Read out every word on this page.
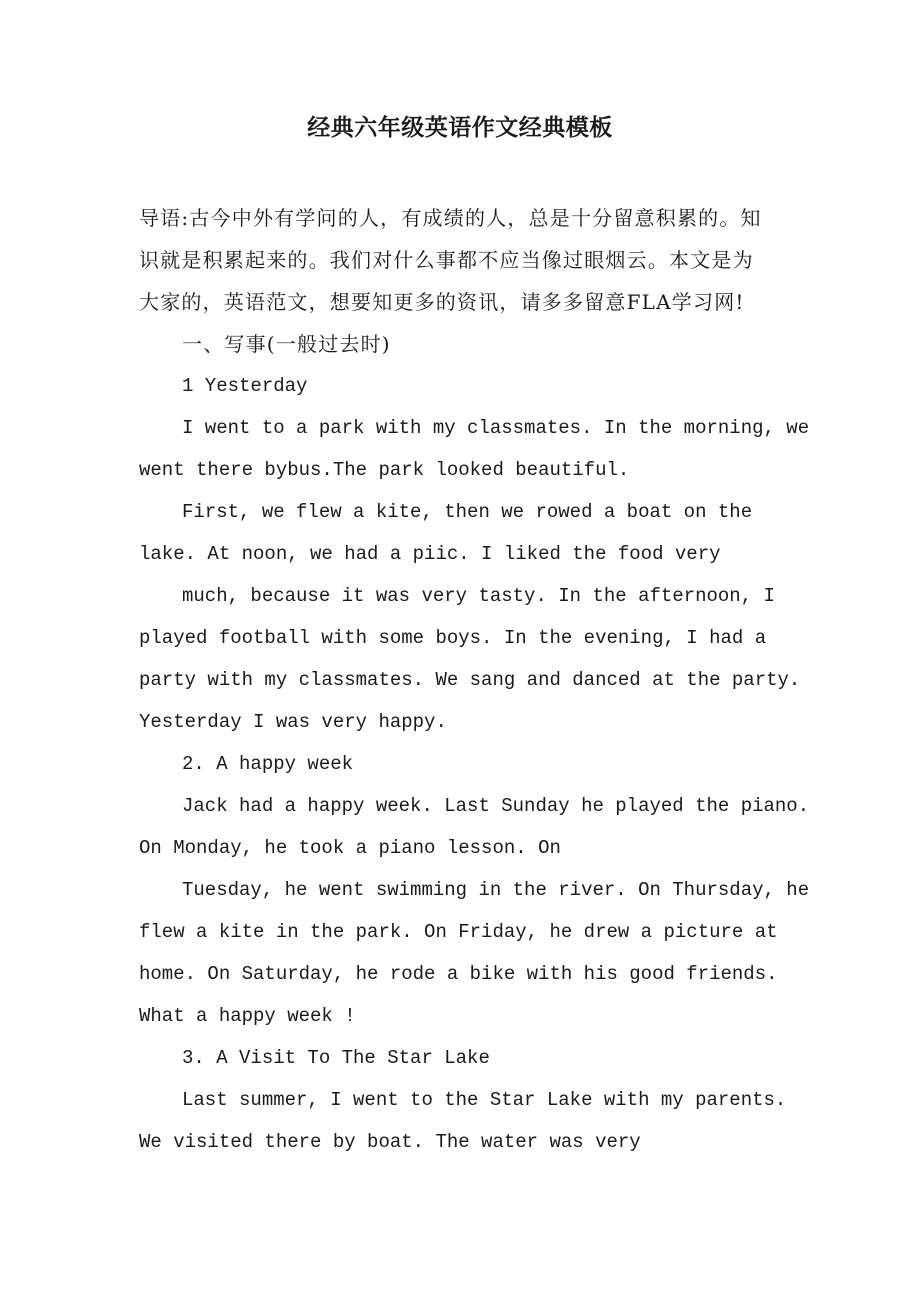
经典六年级英语作文经典模板
导语:古今中外有学问的人，有成绩的人，总是十分留意积累的。知
识就是积累起来的。我们对什么事都不应当像过眼烟云。本文是为
大家的，英语范文，想要知更多的资讯，请多多留意FLA学习网!
一、写事(一般过去时)
1 Yesterday
I went to a park with my classmates. In the morning, we
went there bybus.The park looked beautiful.
First, we flew a kite, then we rowed a boat on the
lake. At noon, we had a piic. I liked the food very
much, because it was very tasty. In the afternoon, I
played football with some boys. In the evening, I had a
party with my classmates. We sang and danced at the party.
Yesterday I was very happy.
2. A happy week
Jack had a happy week. Last Sunday he played the piano.
On Monday, he took a piano lesson. On
Tuesday, he went swimming in the river. On Thursday, he
flew a kite in the park. On Friday, he drew a picture at
home. On Saturday, he rode a bike with his good friends.
What a happy week !
3. A Visit To The Star Lake
Last summer, I went to the Star Lake with my parents.
We visited there by boat. The water was very
